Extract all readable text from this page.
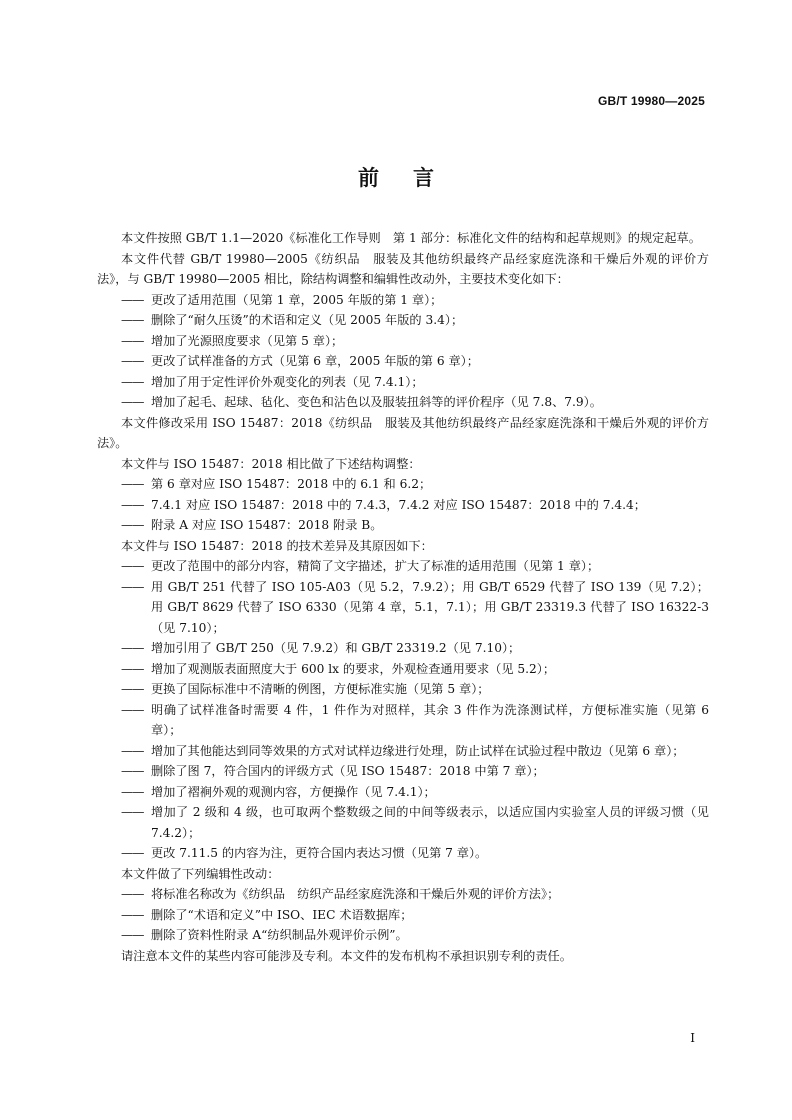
GB/T 19980—2025
前言

本文件按照 GB/T 1.1—2020《标准化工作导则　第 1 部分：标准化文件的结构和起草规则》的规定起草。

本文件代替 GB/T 19980—2005《纺织品　服装及其他纺织最终产品经家庭洗涤和干燥后外观的评价方法》，与 GB/T 19980—2005 相比，除结构调整和编辑性改动外，主要技术变化如下：

—— 更改了适用范围（见第 1 章，2005 年版的第 1 章）；

—— 删除了“耐久压烫”的术语和定义（见 2005 年版的 3.4）；

—— 增加了光源照度要求（见第 5 章）；

—— 更改了试样准备的方式（见第 6 章，2005 年版的第 6 章）；

—— 增加了用于定性评价外观变化的列表（见 7.4.1）；

—— 增加了起毛、起球、毡化、变色和沾色以及服装扭斜等的评价程序（见 7.8、7.9）。

本文件修改采用 ISO 15487：2018《纺织品　服装及其他纺织最终产品经家庭洗涤和干燥后外观的评价方法》。

本文件与 ISO 15487：2018 相比做了下述结构调整：

—— 第 6 章对应 ISO 15487：2018 中的 6.1 和 6.2；

—— 7.4.1 对应 ISO 15487：2018 中的 7.4.3，7.4.2 对应 ISO 15487：2018 中的 7.4.4；

—— 附录 A 对应 ISO 15487：2018 附录 B。

本文件与 ISO 15487：2018 的技术差异及其原因如下：

—— 更改了范围中的部分内容，精简了文字描述，扩大了标准的适用范围（见第 1 章）；

—— 用 GB/T 251 代替了 ISO 105-A03（见 5.2，7.9.2）；用 GB/T 6529 代替了 ISO 139（见 7.2）；用 GB/T 8629 代替了 ISO 6330（见第 4 章，5.1，7.1）；用 GB/T 23319.3 代替了 ISO 16322-3（见 7.10）；

—— 增加引用了 GB/T 250（见 7.9.2）和 GB/T 23319.2（见 7.10）；

—— 增加了观测版表面照度大于 600 lx 的要求，外观检查通用要求（见 5.2）；

—— 更换了国际标准中不清晰的例图，方便标准实施（见第 5 章）；

—— 明确了试样准备时需要 4 件，1 件作为对照样，其余 3 件作为洗涤测试样，方便标准实施（见第 6 章）；

—— 增加了其他能达到同等效果的方式对试样边缘进行处理，防止试样在试验过程中散边（见第 6 章）；

—— 删除了图 7，符合国内的评级方式（见 ISO 15487：2018 中第 7 章）；

—— 增加了褶裥外观的观测内容，方便操作（见 7.4.1）；

—— 增加了 2 级和 4 级，也可取两个整数级之间的中间等级表示，以适应国内实验室人员的评级习惯（见 7.4.2）；

—— 更改 7.11.5 的内容为注，更符合国内表达习惯（见第 7 章）。

本文件做了下列编辑性改动：

—— 将标准名称改为《纺织品　纺织产品经家庭洗涤和干燥后外观的评价方法》；

—— 删除了“术语和定义”中 ISO、IEC 术语数据库；

—— 删除了资料性附录 A“纺织制品外观评价示例”。

请注意本文件的某些内容可能涉及专利。本文件的发布机构不承担识别专利的责任。

I
